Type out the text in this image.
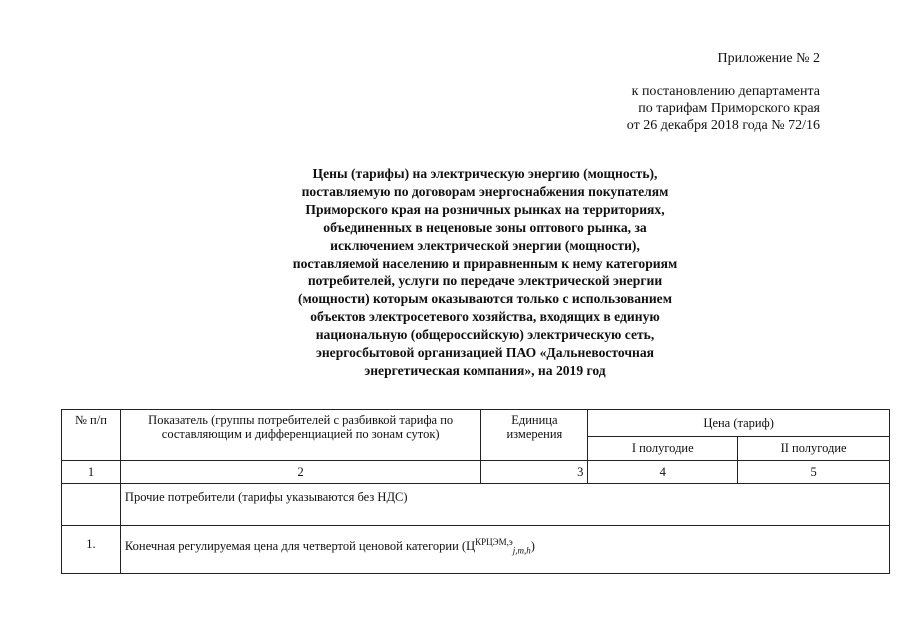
Приложение № 2
к постановлению департамента
по тарифам Приморского края
от 26 декабря 2018 года № 72/16
Цены (тарифы) на электрическую энергию (мощность),
поставляемую по договорам энергоснабжения покупателям
Приморского края на розничных рынках на территориях,
объединенных в неценовые зоны оптового рынка, за
исключением электрической энергии (мощности),
поставляемой населению и приравненным к нему категориям
потребителей, услуги по передаче электрической энергии
(мощности) которым оказываются только с использованием
объектов электросетевого хозяйства, входящих в единую
национальную (общероссийскую) электрическую сеть,
энергосбытовой организацией ПАО «Дальневосточная
энергетическая компания», на 2019 год
№ п/п	Показатель (группы потребителей с разбивкой тарифа по составляющим и дифференциацией по зонам суток)	Единица измерения	Цена (тариф)	
			I полугодие	II полугодие
1	2	3	4	5
	Прочие потребители (тарифы указываются без НДС)			
1.	Конечная регулируемая цена для четвертой ценовой категории $(Ц^{КРЦЭМ,э}_{j,m,h})$			
